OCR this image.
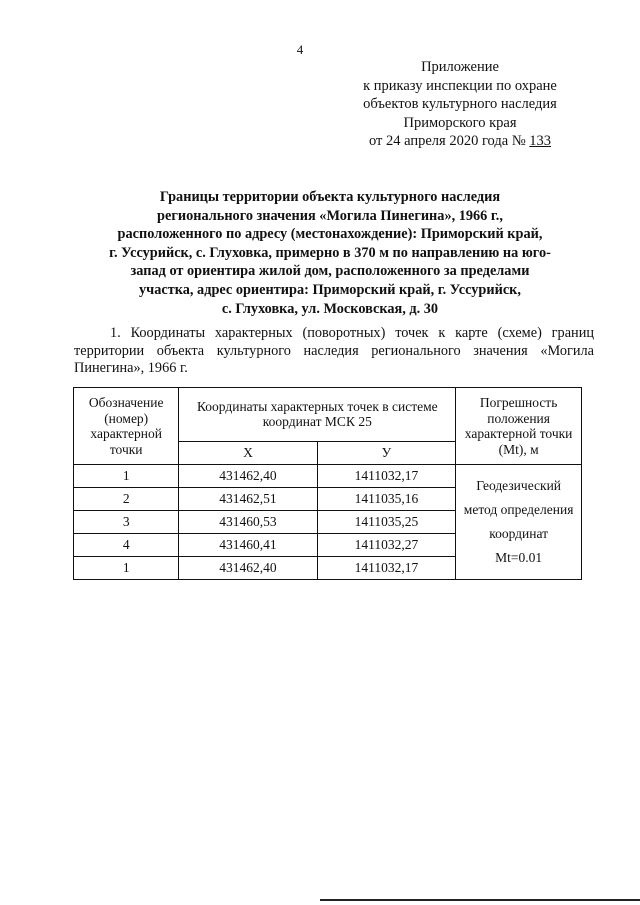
4
Приложение
к приказу инспекции по охране
объектов культурного наследия
Приморского края
от 24 апреля 2020 года № 133
Границы территории объекта культурного наследия
регионального значения «Могила Пинегина», 1966 г.,
расположенного по адресу (местонахождение): Приморский край,
г. Уссурийск, с. Глуховка, примерно в 370 м по направлению на юго-
запад от ориентира жилой дом, расположенного за пределами
участка, адрес ориентира: Приморский край, г. Уссурийск,
с. Глуховка, ул. Московская, д. 30
1. Координаты характерных (поворотных) точек к карте (схеме) границ территории объекта культурного наследия регионального значения «Могила Пинегина», 1966 г.
Обозначение (номер) характерной точки	Координаты характерных точек в системе координат МСК 25		Погрешность положения характерной точки (Mt), м
	X	У	
1	431462,40	1411032,17	Геодезический
метод определения
координат
Mt=0.01

2	431462,51	1411035,16	
3	431460,53	1411035,25	
4	431460,41	1411032,27	
1	431462,40	1411032,17	
